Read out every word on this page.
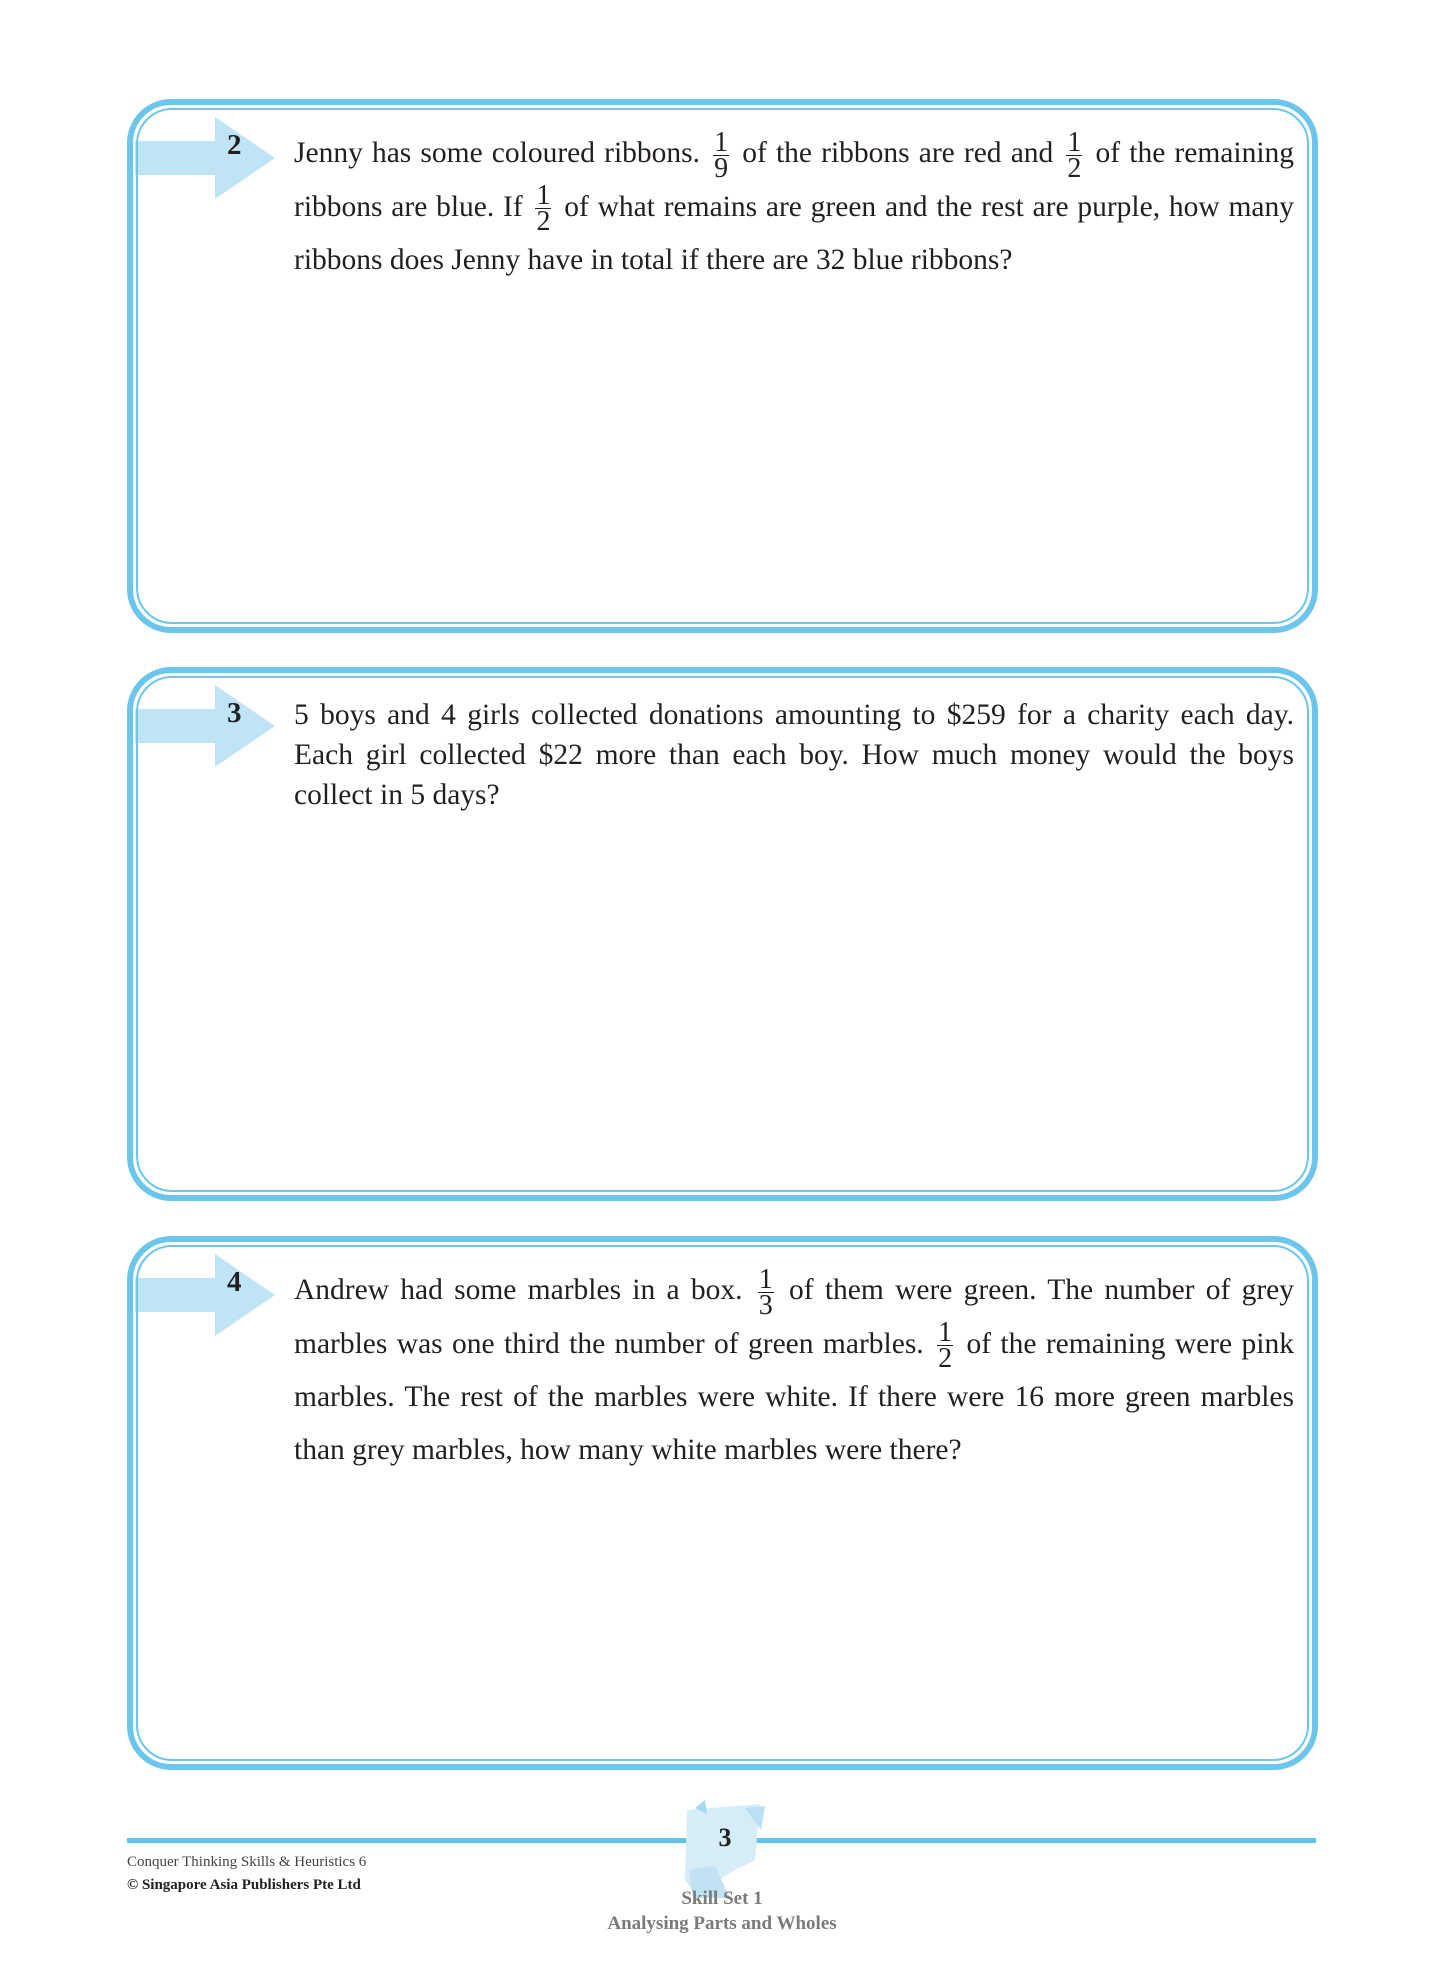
2 Jenny has some coloured ribbons. $\frac{1}{9}$ of the ribbons are red and $\frac{1}{2}$ of the remaining ribbons are blue. If $\frac{1}{2}$ of what remains are green and the rest are purple, how many ribbons does Jenny have in total if there are 32 blue ribbons?
3 5 boys and 4 girls collected donations amounting to $259 for a charity each day. Each girl collected $22 more than each boy. How much money would the boys collect in 5 days?
4 Andrew had some marbles in a box. $\frac{1}{3}$ of them were green. The number of grey marbles was one third the number of green marbles. $\frac{1}{2}$ of the remaining were pink marbles. The rest of the marbles were white. If there were 16 more green marbles than grey marbles, how many white marbles were there?
Conquer Thinking Skills & Heuristics 6
© Singapore Asia Publishers Pte Ltd
3
Skill Set 1
Analysing Parts and Wholes
